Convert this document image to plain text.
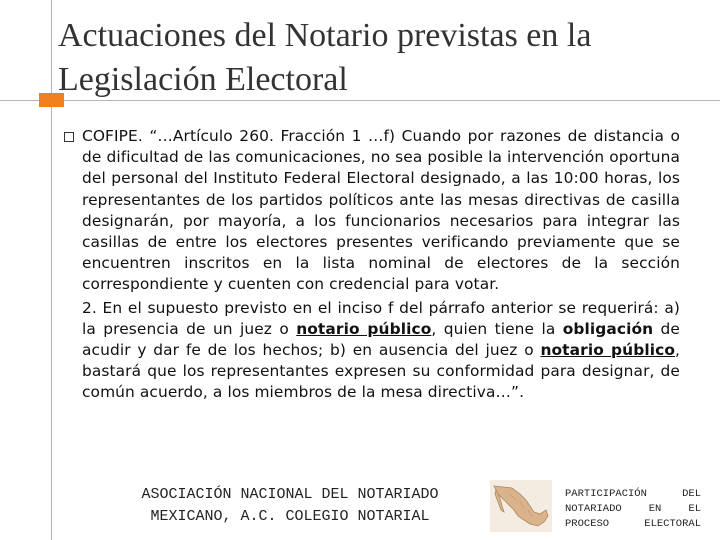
Actuaciones del Notario previstas en la
Legislación Electoral

COFIPE. “…Artículo 260. Fracción 1 …f) Cuando por razones de distancia o de dificultad de las comunicaciones, no sea posible la intervención oportuna del personal del Instituto Federal Electoral designado, a las 10:00 horas, los representantes de los partidos políticos ante las mesas directivas de casilla designarán, por mayoría, a los funcionarios necesarios para integrar las casillas de entre los electores presentes verificando previamente que se encuentren inscritos en la lista nominal de electores de la sección correspondiente y cuenten con credencial para votar.

2. En el supuesto previsto en el inciso f del párrafo anterior se requerirá: a) la presencia de un juez o notario público, quien tiene la obligación de acudir y dar fe de los hechos; b) en ausencia del juez o notario público, bastará que los representantes expresen su conformidad para designar, de común acuerdo, a los miembros de la mesa directiva…”.

ASOCIACIÓN NACIONAL DEL NOTARIADO
MEXICANO, A.C. COLEGIO NOTARIAL
PARTICIPACIÓN DEL
NOTARIADO EN EL
PROCESO ELECTORAL
